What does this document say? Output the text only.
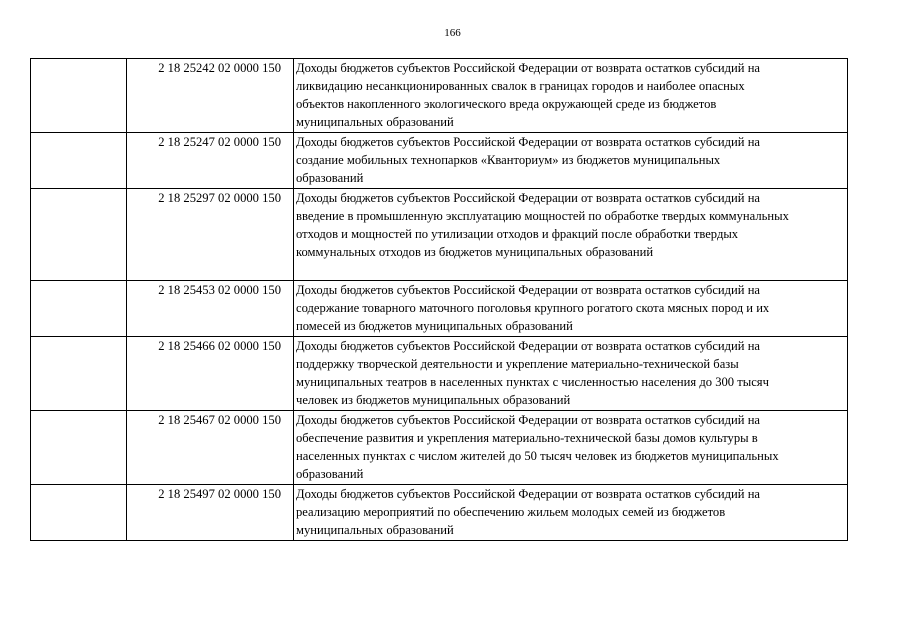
166
	2 18 25242 02 0000 150	Доходы бюджетов субъектов Российской Федерации от возврата остатков субсидий на
ликвидацию несанкционированных свалок в границах городов и наиболее опасных
объектов накопленного экологического вреда окружающей среде из бюджетов
муниципальных образований

	2 18 25247 02 0000 150	Доходы бюджетов субъектов Российской Федерации от возврата остатков субсидий на
создание мобильных технопарков «Кванториум» из бюджетов муниципальных
образований

	2 18 25297 02 0000 150	Доходы бюджетов субъектов Российской Федерации от возврата остатков субсидий на
введение в промышленную эксплуатацию мощностей по обработке твердых коммунальных
отходов и мощностей по утилизации отходов и фракций после обработки твердых
коммунальных отходов из бюджетов муниципальных образований

	2 18 25453 02 0000 150	Доходы бюджетов субъектов Российской Федерации от возврата остатков субсидий на
содержание товарного маточного поголовья крупного рогатого скота мясных пород и их
помесей из бюджетов муниципальных образований

	2 18 25466 02 0000 150	Доходы бюджетов субъектов Российской Федерации от возврата остатков субсидий на
поддержку творческой деятельности и укрепление материально-технической базы
муниципальных театров в населенных пунктах с численностью населения до 300 тысяч
человек из бюджетов муниципальных образований

	2 18 25467 02 0000 150	Доходы бюджетов субъектов Российской Федерации от возврата остатков субсидий на
обеспечение развития и укрепления материально-технической базы домов культуры в
населенных пунктах с числом жителей до 50 тысяч человек из бюджетов муниципальных
образований

	2 18 25497 02 0000 150	Доходы бюджетов субъектов Российской Федерации от возврата остатков субсидий на
реализацию мероприятий по обеспечению жильем молодых семей из бюджетов
муниципальных образований
